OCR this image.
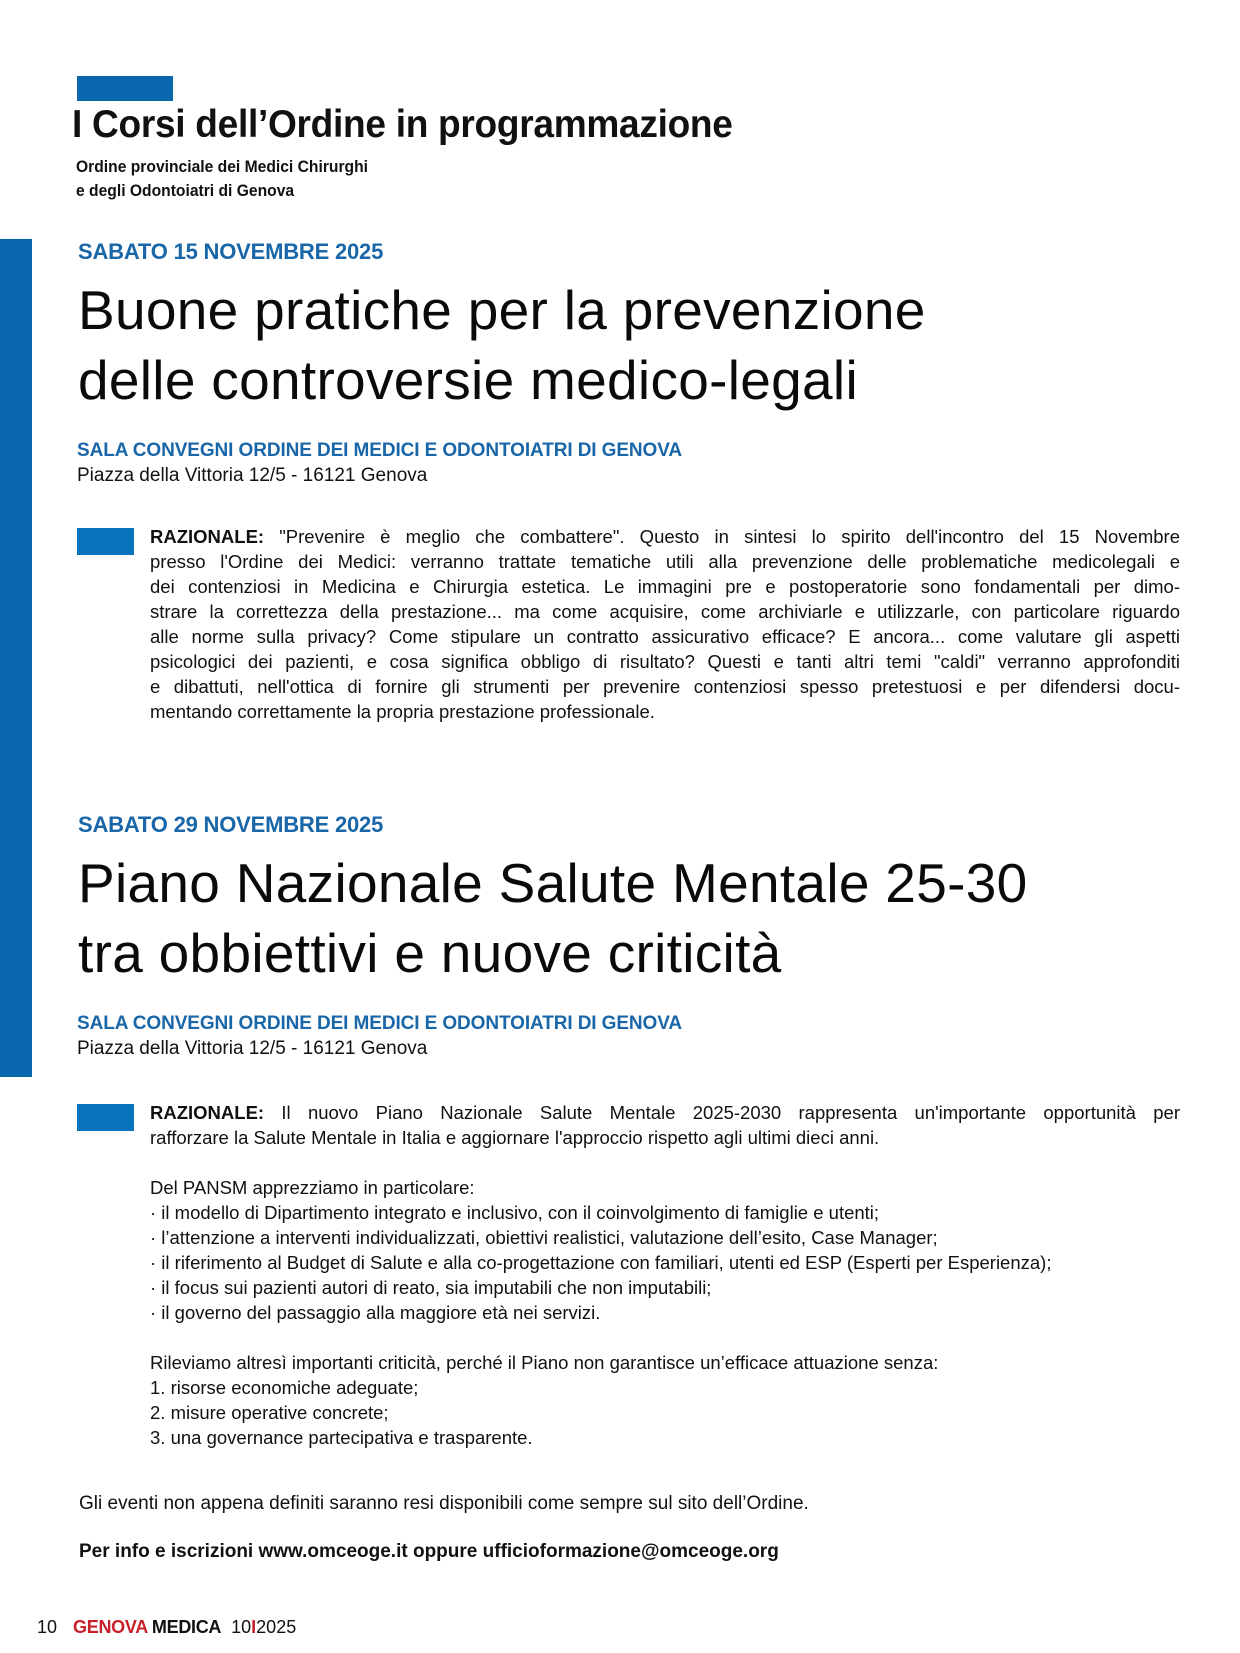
I Corsi dell’Ordine in programmazione
Ordine provinciale dei Medici Chirurghi
e degli Odontoiatri di Genova
SABATO 15 NOVEMBRE 2025
Buone pratiche per la prevenzione
delle controversie medico-legali
SALA CONVEGNI ORDINE DEI MEDICI E ODONTOIATRI DI GENOVA
Piazza della Vittoria 12/5 - 16121 Genova
RAZIONALE: "Prevenire è meglio che combattere". Questo in sintesi lo spirito dell'incontro del 15 Novembre
presso l'Ordine dei Medici: verranno trattate tematiche utili alla prevenzione delle problematiche medicolegali e
dei contenziosi in Medicina e Chirurgia estetica. Le immagini pre e postoperatorie sono fondamentali per dimo-
strare la correttezza della prestazione... ma come acquisire, come archiviarle e utilizzarle, con particolare riguardo
alle norme sulla privacy? Come stipulare un contratto assicurativo efficace? E ancora... come valutare gli aspetti
psicologici dei pazienti, e cosa significa obbligo di risultato? Questi e tanti altri temi "caldi" verranno approfonditi
e dibattuti, nell'ottica di fornire gli strumenti per prevenire contenziosi spesso pretestuosi e per difendersi docu-
mentando correttamente la propria prestazione professionale.
SABATO 29 NOVEMBRE 2025
Piano Nazionale Salute Mentale 25-30
tra obbiettivi e nuove criticità
SALA CONVEGNI ORDINE DEI MEDICI E ODONTOIATRI DI GENOVA
Piazza della Vittoria 12/5 - 16121 Genova
RAZIONALE: Il nuovo Piano Nazionale Salute Mentale 2025-2030 rappresenta un'importante opportunità per
rafforzare la Salute Mentale in Italia e aggiornare l'approccio rispetto agli ultimi dieci anni.
Del PANSM apprezziamo in particolare:
· il modello di Dipartimento integrato e inclusivo, con il coinvolgimento di famiglie e utenti;
· l’attenzione a interventi individualizzati, obiettivi realistici, valutazione dell’esito, Case Manager;
· il riferimento al Budget di Salute e alla co-progettazione con familiari, utenti ed ESP (Esperti per Esperienza);
· il focus sui pazienti autori di reato, sia imputabili che non imputabili;
· il governo del passaggio alla maggiore età nei servizi.
Rileviamo altresì importanti criticità, perché il Piano non garantisce un’efficace attuazione senza:
1. risorse economiche adeguate;
2. misure operative concrete;
3. una governance partecipativa e trasparente.
Gli eventi non appena definiti saranno resi disponibili come sempre sul sito dell’Ordine.
Per info e iscrizioni www.omceoge.it oppure ufficioformazione@omceoge.org
10 GENOVA MEDICA 10 I 2025
